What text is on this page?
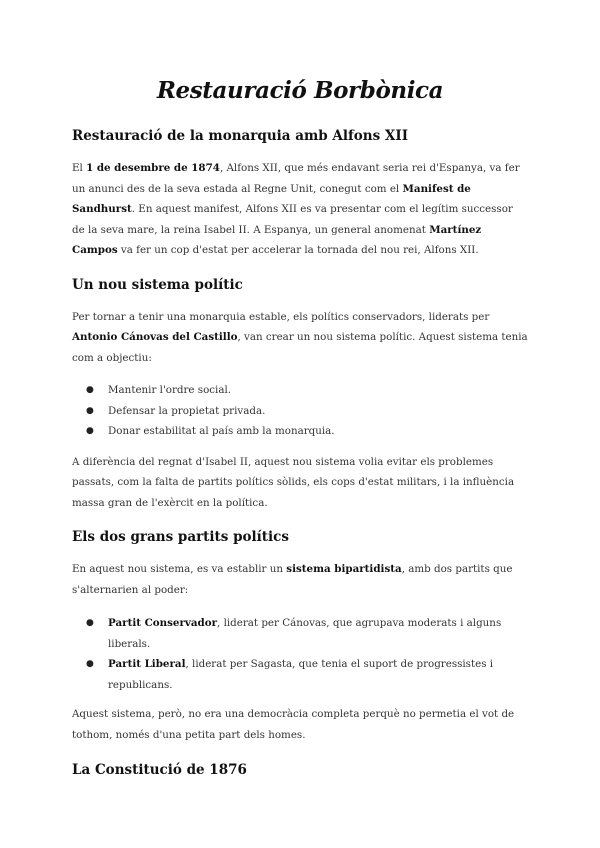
Restauració Borbònica
Restauració de la monarquia amb Alfons XII

El 1 de desembre de 1874, Alfons XII, que més endavant seria rei d'Espanya, va fer un anunci des de la seva estada al Regne Unit, conegut com el Manifest de Sandhurst. En aquest manifest, Alfons XII es va presentar com el legítim successor de la seva mare, la reina Isabel II. A Espanya, un general anomenat Martínez Campos va fer un cop d'estat per accelerar la tornada del nou rei, Alfons XII.

Un nou sistema polític

Per tornar a tenir una monarquia estable, els polítics conservadors, liderats per Antonio Cánovas del Castillo, van crear un nou sistema polític. Aquest sistema tenia com a objectiu:

● Mantenir l'ordre social.
● Defensar la propietat privada.
● Donar estabilitat al país amb la monarquia.

A diferència del regnat d'Isabel II, aquest nou sistema volia evitar els problemes passats, com la falta de partits polítics sòlids, els cops d'estat militars, i la influència massa gran de l'exèrcit en la política.

Els dos grans partits polítics

En aquest nou sistema, es va establir un sistema bipartidista, amb dos partits que s'alternarien al poder:

● Partit Conservador, liderat per Cánovas, que agrupava moderats i alguns liberals.
● Partit Liberal, liderat per Sagasta, que tenia el suport de progressistes i republicans.

Aquest sistema, però, no era una democràcia completa perquè no permetia el vot de tothom, només d'una petita part dels homes.

La Constitució de 1876
